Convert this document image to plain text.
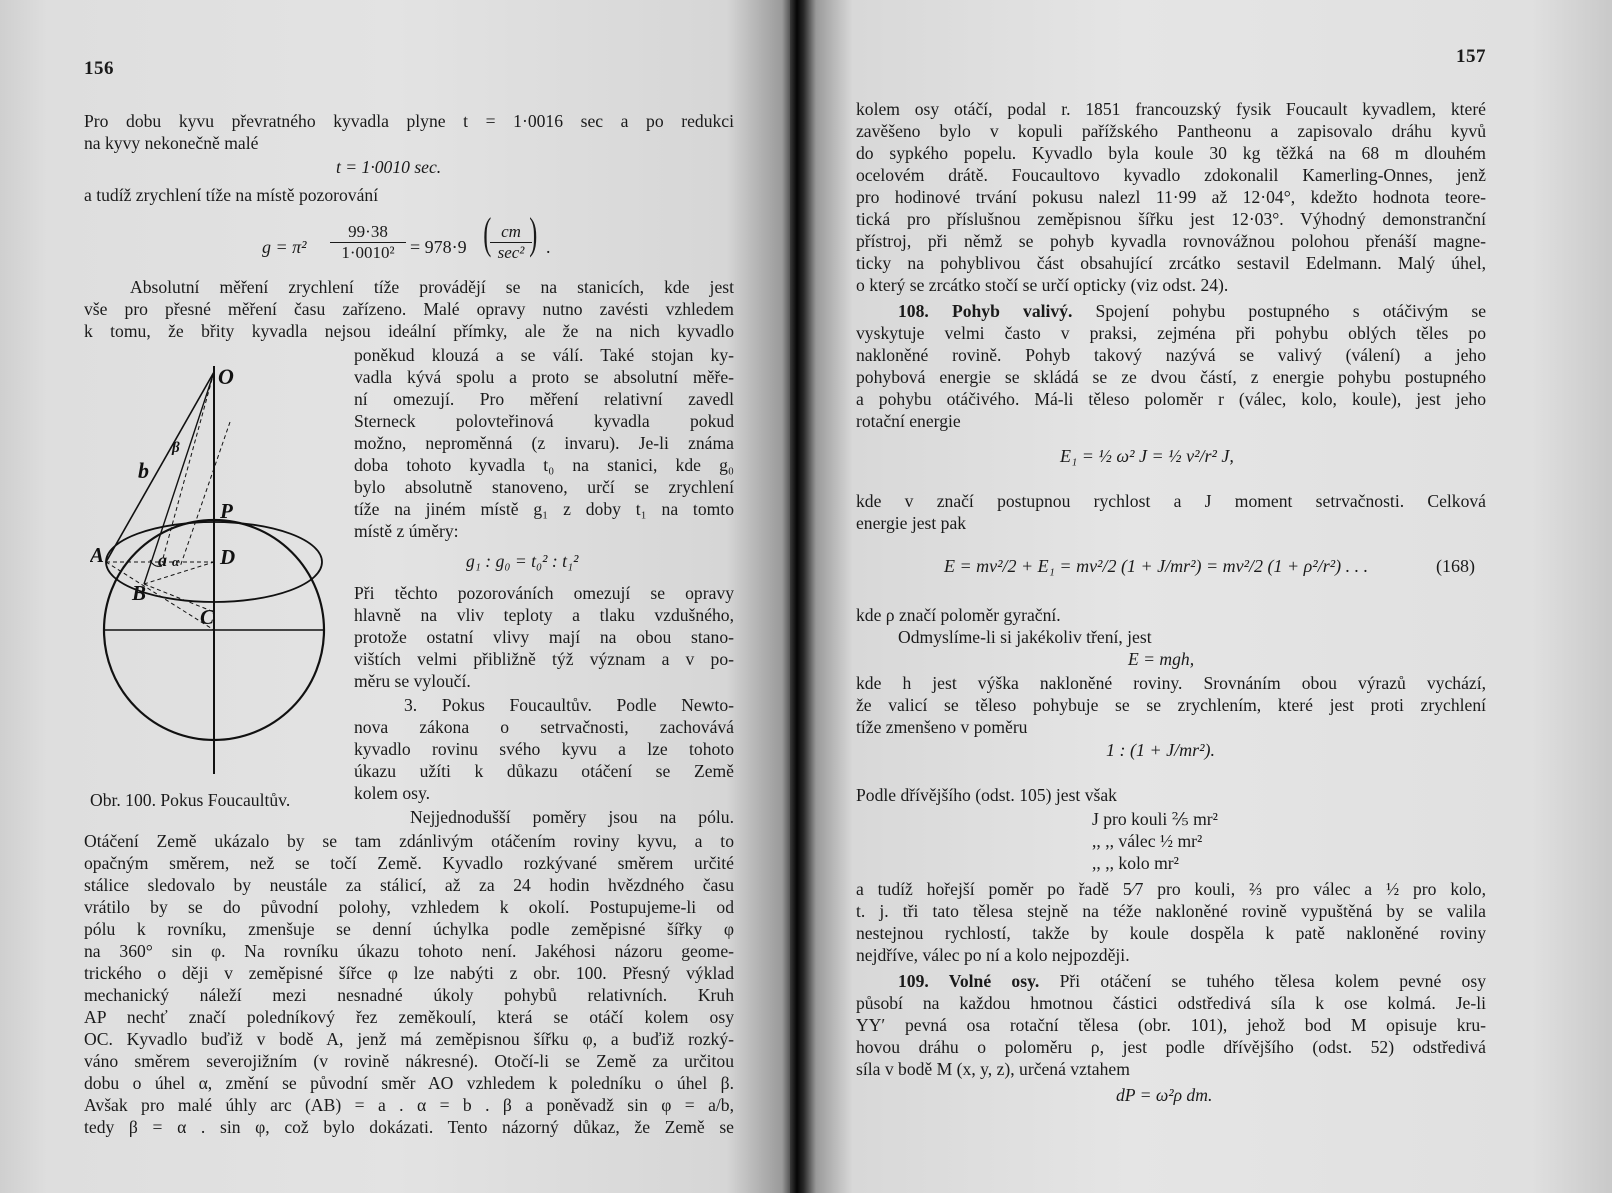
156
Pro dobu kyvu převratného kyvadla plyne t = 1·0016 sec a po redukci
na kyvy nekonečně malé
t = 1·0010 sec.
a tudíž zrychlení tíže na místě pozorování
$g = \pi^2 \frac{99\cdot 38}{\text{1·0010²}} = 978\cdot 9$ ( cm
sec² ) .
Absolutní měření zrychlení tíže provádějí se na stanicích, kde jest
vše pro přesné měření času zařízeno. Malé opravy nutno zavésti vzhledem
k tomu, že břity kyvadla nejsou ideální přímky, ale že na nich kyvadlo
poněkud klouzá a se válí. Také stojan ky-
vadla kývá spolu a proto se absolutní měře-
ní omezují. Pro měření relativní zavedl
Sterneck polovteřinová kyvadla pokud
možno, neproměnná (z invaru). Je-li známa
doba tohoto kyvadla t₀ na stanici, kde g₀
bylo absolutně stanoveno, určí se zrychlení
tíže na jiném místě g₁ z doby t₁ na tomto
místě z úměry:
g₁ : g₀ = t₀² : t₁²
Při těchto pozorováních omezují se opravy
hlavně na vliv teploty a tlaku vzdušného,
protože ostatní vlivy mají na obou stano-
vištích velmi přibližně týž význam a v po-
měru se vyloučí.
3. Pokus Foucaultův. Podle Newto-
nova zákona o setrvačnosti, zachovává
kyvadlo rovinu svého kyvu a lze tohoto
úkazu užíti k důkazu otáčení se Země
kolem osy.
Nejjednodušší poměry jsou na pólu.
Obr. 100. Pokus Foucaultův.
Otáčení Země ukázalo by se tam zdánlivým otáčením roviny kyvu, a to
opačným směrem, než se točí Země. Kyvadlo rozkývané směrem určité
stálice sledovalo by neustále za stálicí, až za 24 hodin hvězdného času
vrátilo by se do původní polohy, vzhledem k okolí. Postupujeme-li od
pólu k rovníku, zmenšuje se denní úchylka podle zeměpisné šířky φ
na 360° sin φ. Na rovníku úkazu tohoto není. Jakéhosi názoru geome-
trického o ději v zeměpisné šířce φ lze nabýti z obr. 100. Přesný výklad
mechanický náleží mezi nesnadné úkoly pohybů relativních. Kruh
AP nechť značí poledníkový řez zeměkoulí, která se otáčí kolem osy
OC. Kyvadlo buďiž v bodě A, jenž má zeměpisnou šířku φ, a buďiž rozký-
váno směrem severojižním (v rovině nákresné). Otočí-li se Země za určitou
dobu o úhel α, změní se původní směr AO vzhledem k poledníku o úhel β.
Avšak pro malé úhly arc (AB) = a . α = b . β a poněvadž sin φ = a/b,
tedy β = α . sin φ, což bylo dokázati. Tento názorný důkaz, že Země se
O
b
β
P
A	a α D
B
C
157
kolem osy otáčí, podal r. 1851 francouzský fysik Foucault kyvadlem, které
zavěšeno bylo v kopuli pařížského Pantheonu a zapisovalo dráhu kyvů
do sypkého popelu. Kyvadlo byla koule 30 kg těžká na 68 m dlouhém
ocelovém drátě. Foucaultovo kyvadlo zdokonalil Kamerling-Onnes, jenž
pro hodinové trvání pokusu nalezl 11·99 až 12·04°, kdežto hodnota teore-
tická pro příslušnou zeměpisnou šířku jest 12·03°. Výhodný demonstranční
přístroj, při němž se pohyb kyvadla rovnovážnou polohou přenáší magne-
ticky na pohyblivou část obsahující zrcátko sestavil Edelmann. Malý úhel,
o který se zrcátko stočí se určí opticky (viz odst. 24).
108. Pohyb valivý. Spojení pohybu postupného s otáčivým se
vyskytuje velmi často v praksi, zejména při pohybu oblých těles po
nakloněné rovině. Pohyb takový nazývá se valivý (válení) a jeho
pohybová energie se skládá se ze dvou částí, z energie pohybu postupného
a pohybu otáčivého. Má-li těleso poloměr r (válec, kolo, koule), jest jeho
rotační energie
E₁ = ½ ω² J = ½ v²/r² J,
kde v značí postupnou rychlost a J moment setrvačnosti. Celková
energie jest pak
E = mv²/2 + E₁ = mv²/2 (1 + J/mr²) = mv²/2 (1 + ρ²/r²) . . .	(168)
kde ρ značí poloměr gyrační.
Odmyslíme-li si jakékoliv tření, jest
E = mgh,
kde h jest výška nakloněné roviny. Srovnáním obou výrazů vychází,
že valicí se těleso pohybuje se se zrychlením, které jest proti zrychlení
tíže zmenšeno v poměru
1 : (1 + J/mr²).
Podle dřívějšího (odst. 105) jest však
J pro kouli ⅖ mr²
,, ,, válec ½ mr²
,, ,, kolo mr²
a tudíž hořejší poměr po řadě 5⁄7 pro kouli, ⅔ pro válec a ½ pro kolo,
t. j. tři tato tělesa stejně na téže nakloněné rovině vypuštěná by se valila
nestejnou rychlostí, takže by koule dospěla k patě nakloněné roviny
nejdříve, válec po ní a kolo nejpozději.
109. Volné osy. Při otáčení se tuhého tělesa kolem pevné osy
působí na každou hmotnou částici odstředivá síla k ose kolmá. Je-li
YY′ pevná osa rotační tělesa (obr. 101), jehož bod M opisuje kru-
hovou dráhu o poloměru ρ, jest podle dřívějšího (odst. 52) odstředivá
síla v bodě M (x, y, z), určená vztahem
dP = ω²ρ dm.
